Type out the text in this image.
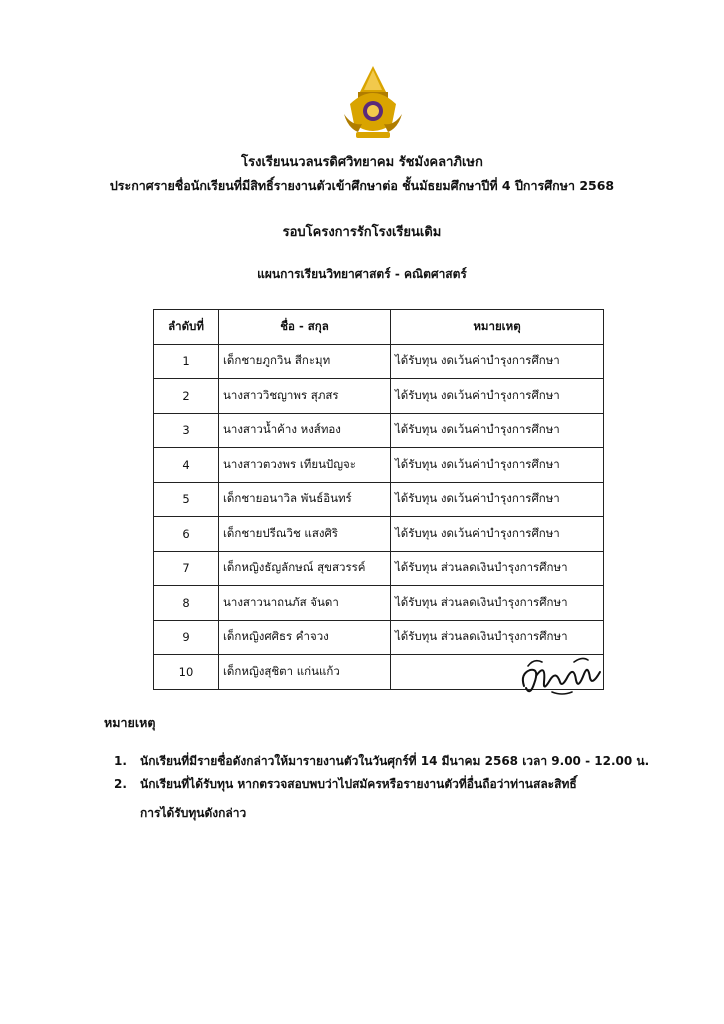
โรงเรียนนวลนรดิศวิทยาคม รัชมังคลาภิเษก
ประกาศรายชื่อนักเรียนที่มีสิทธิ์รายงานตัวเข้าศึกษาต่อ ชั้นมัธยมศึกษาปีที่ 4 ปีการศึกษา 2568
รอบโครงการรักโรงเรียนเดิม
แผนการเรียนวิทยาศาสตร์ - คณิตศาสตร์
ลำดับที่	ชื่อ - สกุล	หมายเหตุ
1	เด็กชายภูกวิน สีกะมุท	ได้รับทุน งดเว้นค่าบำรุงการศึกษา
2	นางสาววิชญาพร สุภสร	ได้รับทุน งดเว้นค่าบำรุงการศึกษา
3	นางสาวน้ำค้าง หงส์ทอง	ได้รับทุน งดเว้นค่าบำรุงการศึกษา
4	นางสาวตวงพร เทียนปัญจะ	ได้รับทุน งดเว้นค่าบำรุงการศึกษา
5	เด็กชายอนาวิล พันธ์อินทร์	ได้รับทุน งดเว้นค่าบำรุงการศึกษา
6	เด็กชายปรีณวิช แสงศิริ	ได้รับทุน งดเว้นค่าบำรุงการศึกษา
7	เด็กหญิงธัญลักษณ์ สุขสวรรค์	ได้รับทุน ส่วนลดเงินบำรุงการศึกษา
8	นางสาวนาถนภัส จันดา	ได้รับทุน ส่วนลดเงินบำรุงการศึกษา
9	เด็กหญิงศศิธร คำจวง	ได้รับทุน ส่วนลดเงินบำรุงการศึกษา
10	เด็กหญิงสุชิตา แก่นแก้ว	
หมายเหตุ
1. นักเรียนที่มีรายชื่อดังกล่าวให้มารายงานตัวในวันศุกร์ที่ 14 มีนาคม 2568 เวลา 9.00 - 12.00 น.
2. นักเรียนที่ได้รับทุน หากตรวจสอบพบว่าไปสมัครหรือรายงานตัวที่อื่นถือว่าท่านสละสิทธิ์
การได้รับทุนดังกล่าว
